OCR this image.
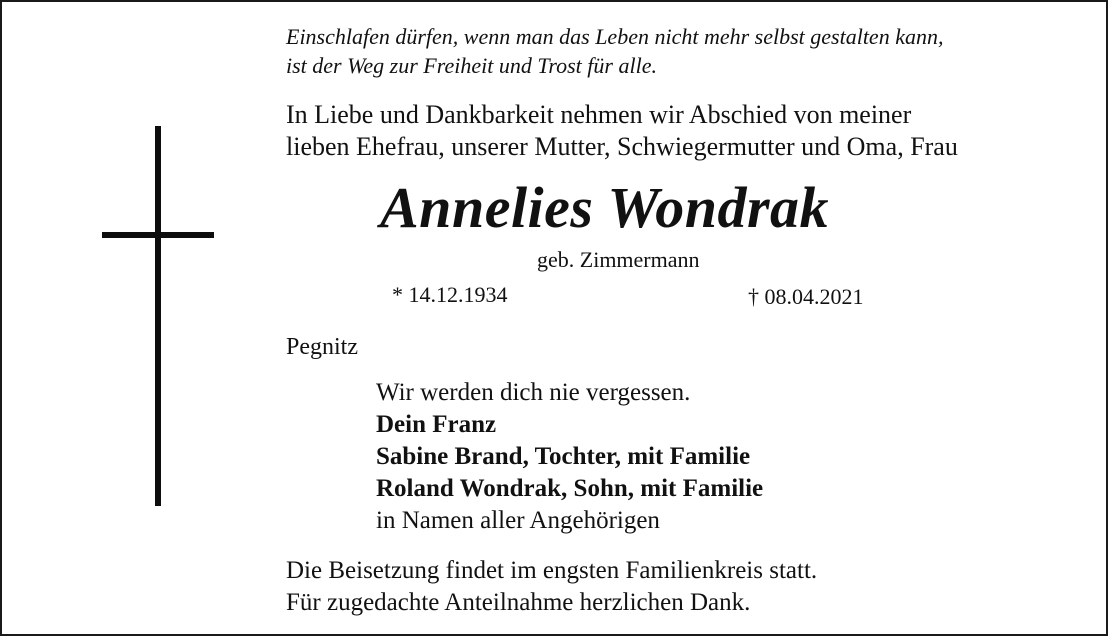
Einschlafen dürfen, wenn man das Leben nicht mehr selbst gestalten kann,
ist der Weg zur Freiheit und Trost für alle.
In Liebe und Dankbarkeit nehmen wir Abschied von meiner
lieben Ehefrau, unserer Mutter, Schwiegermutter und Oma, Frau
Annelies Wondrak
geb. Zimmermann
* 14.12.1934	† 08.04.2021
Pegnitz
Wir werden dich nie vergessen.
Dein Franz
Sabine Brand, Tochter, mit Familie
Roland Wondrak, Sohn, mit Familie
in Namen aller Angehörigen
Die Beisetzung findet im engsten Familienkreis statt.
Für zugedachte Anteilnahme herzlichen Dank.
